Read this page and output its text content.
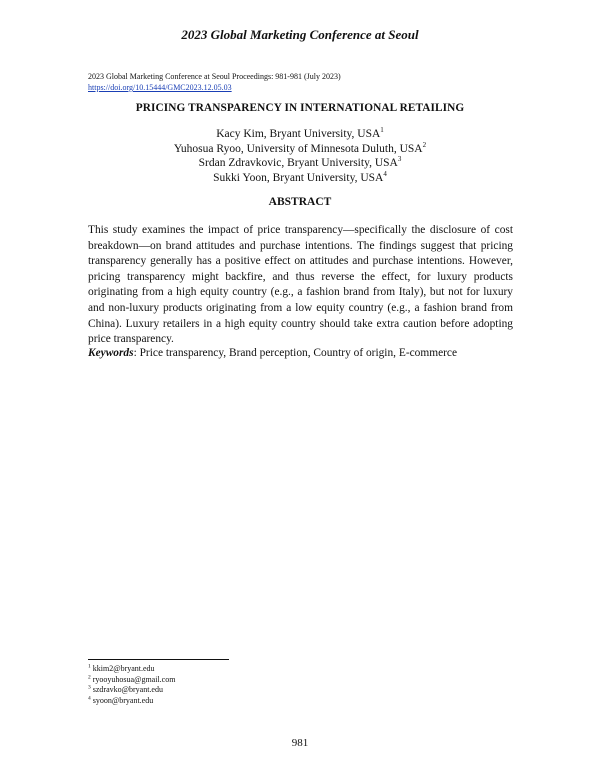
2023 Global Marketing Conference at Seoul
2023 Global Marketing Conference at Seoul Proceedings: 981-981 (July 2023)
https://doi.org/10.15444/GMC2023.12.05.03
PRICING TRANSPARENCY IN INTERNATIONAL RETAILING
Kacy Kim, Bryant University, USA$^1$
Yuhosua Ryoo, University of Minnesota Duluth, USA$^2$
Srdan Zdravkovic, Bryant University, USA$^3$
Sukki Yoon, Bryant University, USA$^4$
ABSTRACT

This study examines the impact of price transparency—specifically the disclosure of cost breakdown—on brand attitudes and purchase intentions. The findings suggest that pricing transparency generally has a positive effect on attitudes and purchase intentions. However, pricing transparency might backfire, and thus reverse the effect, for luxury products originating from a high equity country (e.g., a fashion brand from Italy), but not for luxury and non-luxury products originating from a low equity country (e.g., a fashion brand from China). Luxury retailers in a high equity country should take extra caution before adopting price transparency.

Keywords: Price transparency, Brand perception, Country of origin, E-commerce
$^1$ kkim2@bryant.edu
$^2$ ryooyuhosua@gmail.com
$^3$ szdravko@bryant.edu
$^4$ syoon@bryant.edu
981
